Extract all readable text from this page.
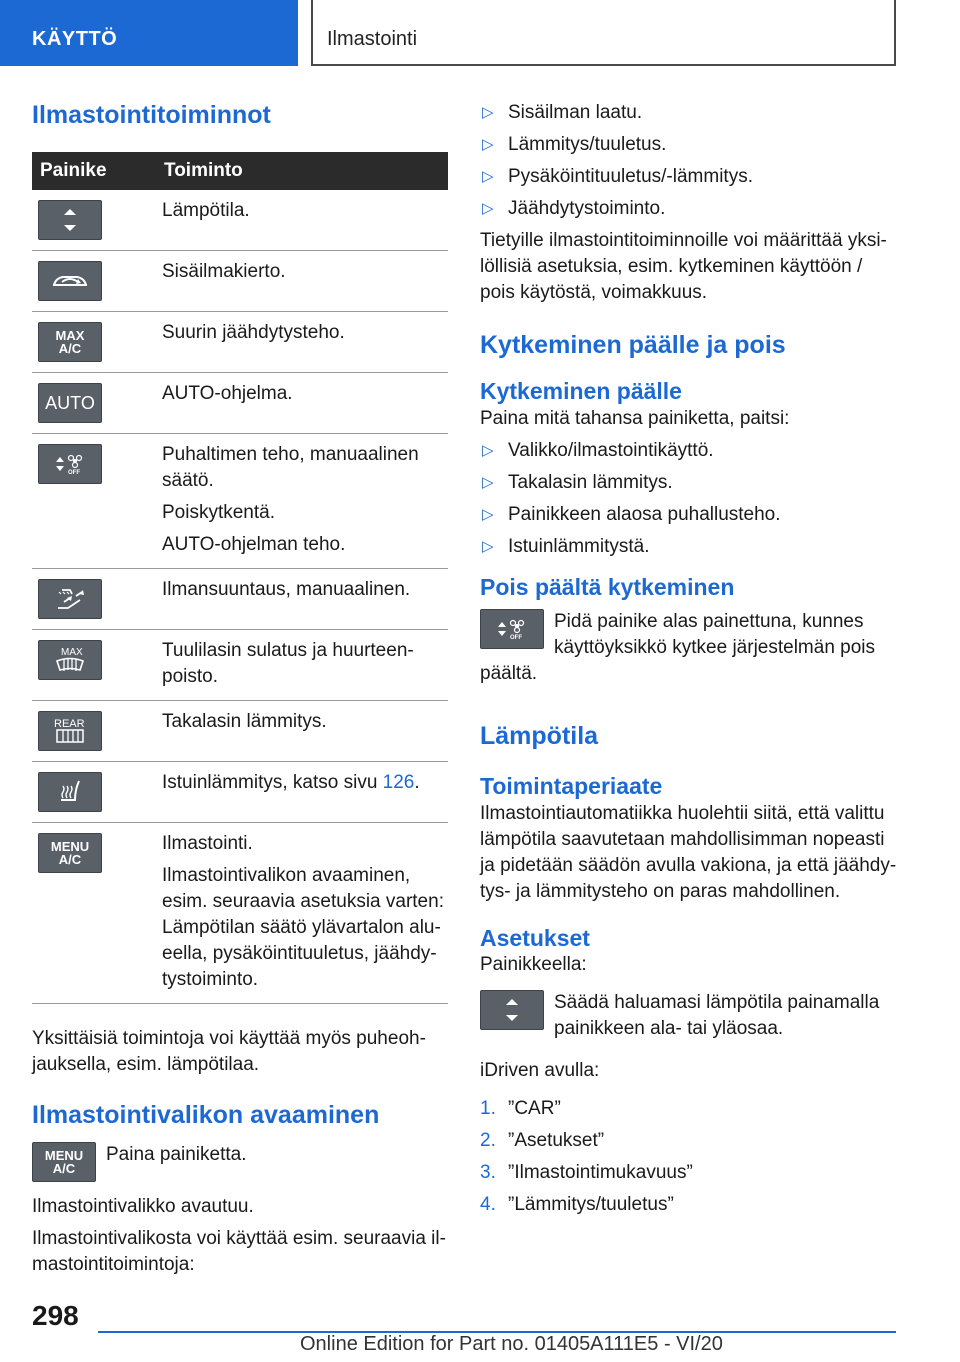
KÄYTTÖ	Ilmastointi
Ilmastointitoiminnot
Painike	Toiminto

Lämpötila.

Sisäilmakierto.

MAX
A/C	Suurin jäähdytysteho.

AUTO	AUTO-ohjelma.

OFF	Puhaltimen teho, manuaalinen säätö.
Poiskytkentä.
AUTO-ohjelman teho.

Ilmansuuntaus, manuaalinen.

MAX	Tuulilasin sulatus ja huurteen-poisto.

REAR	Takalasin lämmitys.

Istuinlämmitys, katso sivu 126.

MENU
A/C	Ilmastointi.
Ilmastointivalikon avaaminen, esim. seuraavia asetuksia varten: Lämpötilan säätö ylävartalon alu-eella, pysäköintituuletus, jäähdy-tystoiminto.

Yksittäisiä toimintoja voi käyttää myös puheoh-jauksella, esim. lämpötilaa.

Ilmastointivalikon avaaminen
MENU
A/C

Paina painiketta.

Ilmastointivalikko avautuu.

Ilmastointivalikosta voi käyttää esim. seuraavia il-mastointitoimintoja:

▷ Sisäilman laatu.
▷ Lämmitys/tuuletus.
▷ Pysäköintituuletus/-lämmitys.
▷ Jäähdytystoiminto.

Tietyille ilmastointitoiminnoille voi määrittää yksi-löllisiä asetuksia, esim. kytkeminen käyttöön / pois käytöstä, voimakkuus.

Kytkeminen päälle ja pois
Kytkeminen päälle

Paina mitä tahansa painiketta, paitsi:

▷ Valikko/ilmastointikäyttö.
▷ Takalasin lämmitys.
▷ Painikkeen alaosa puhallusteho.
▷ Istuinlämmitystä.
Pois päältä kytkeminen
OFF

Pidä painike alas painettuna, kunnes käyttöyksikkö kytkee järjestelmän pois

päältä.

Lämpötila
Toimintaperiaate

Ilmastointiautomatiikka huolehtii siitä, että valittu lämpötila saavutetaan mahdollisimman nopeasti ja pidetään säädön avulla vakiona, ja että jäähdy-tys- ja lämmitysteho on paras mahdollinen.

Asetukset

Painikkeella:

Säädä haluamasi lämpötila painamalla painikkeen ala- tai yläosaa.

iDriven avulla:

1. ”CAR”
2. ”Asetukset”
3. ”Ilmastointimukavuus”
4. ”Lämmitys/tuuletus”
298
Online Edition for Part no. 01405A111E5 - VI/20
